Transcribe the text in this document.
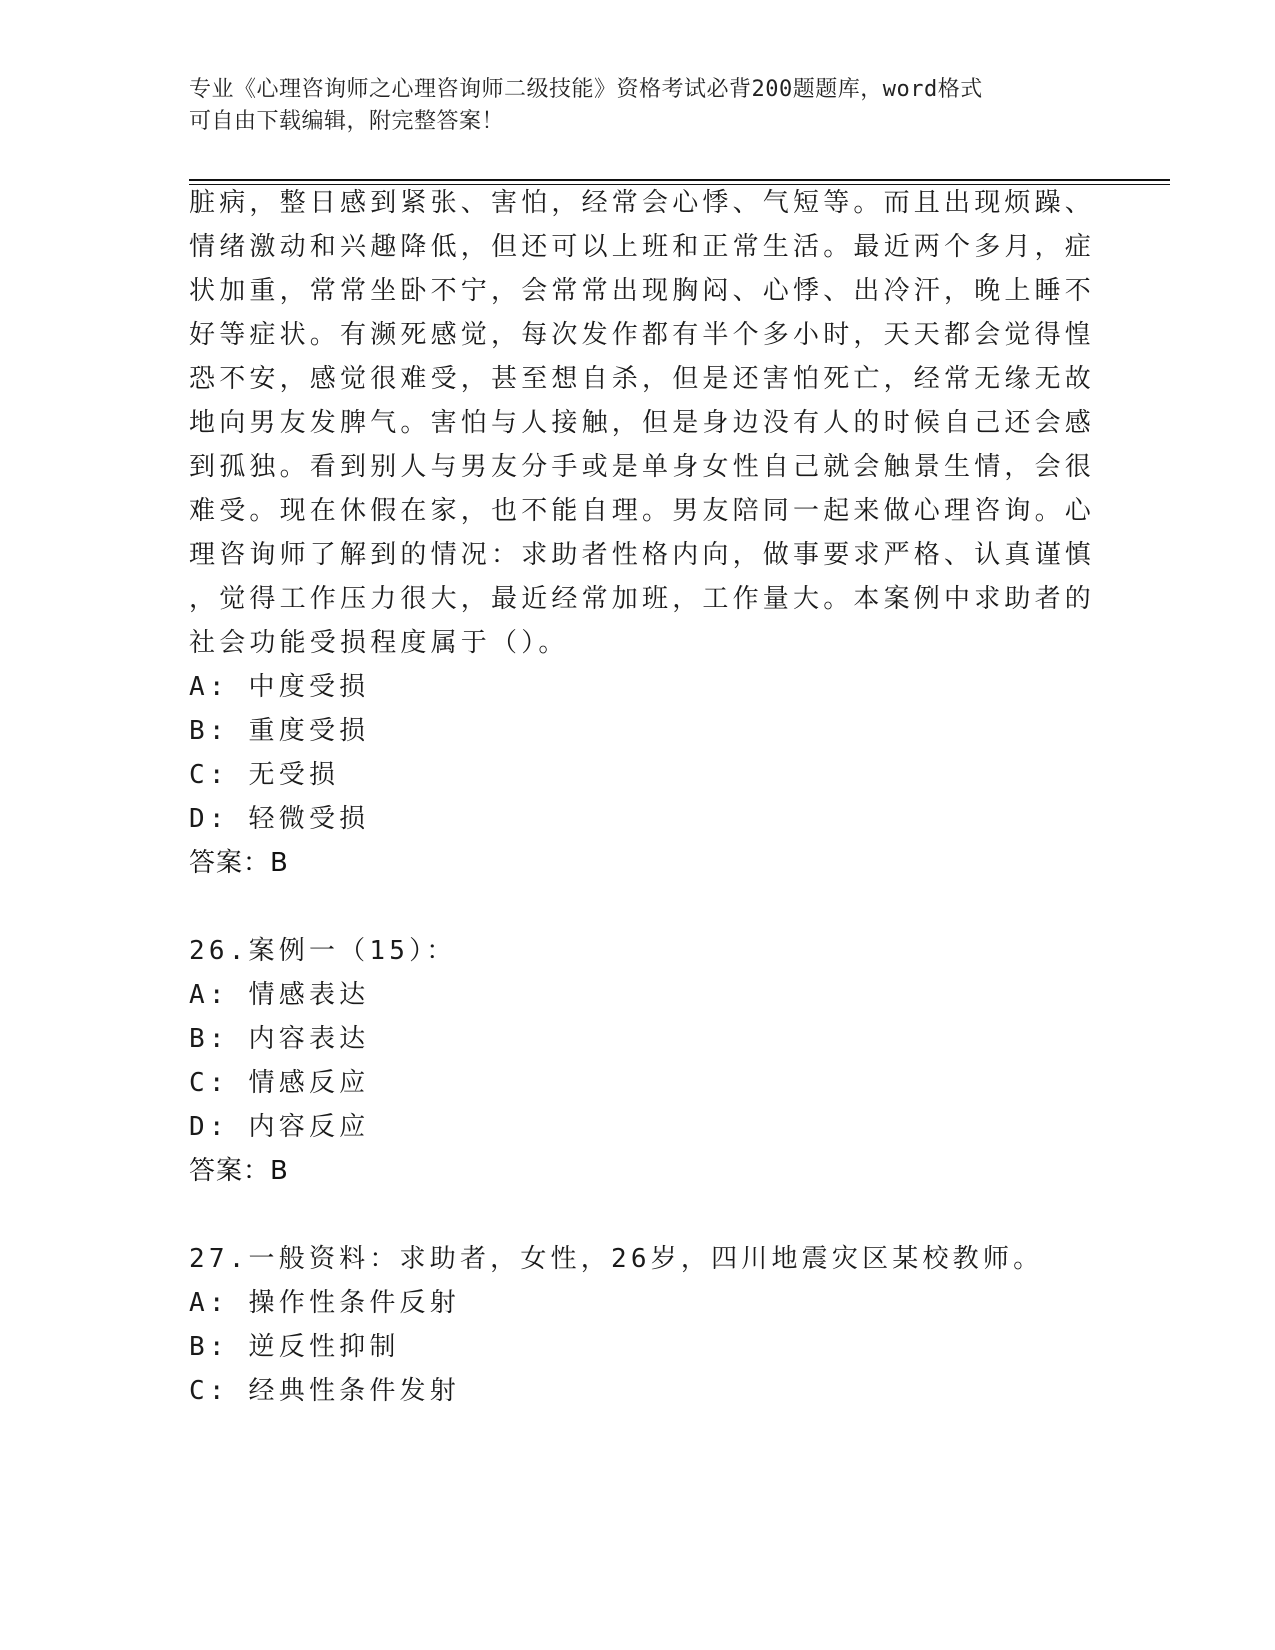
专业《心理咨询师之心理咨询师二级技能》资格考试必背200题题库，word格式
可自由下载编辑，附完整答案！
脏病，整日感到紧张、害怕，经常会心悸、气短等。而且出现烦躁、
情绪激动和兴趣降低，但还可以上班和正常生活。最近两个多月，症
状加重，常常坐卧不宁，会常常出现胸闷、心悸、出冷汗，晚上睡不
好等症状。有濒死感觉，每次发作都有半个多小时，天天都会觉得惶
恐不安，感觉很难受，甚至想自杀，但是还害怕死亡，经常无缘无故
地向男友发脾气。害怕与人接触，但是身边没有人的时候自己还会感
到孤独。看到别人与男友分手或是单身女性自己就会触景生情，会很
难受。现在休假在家，也不能自理。男友陪同一起来做心理咨询。心
理咨询师了解到的情况：求助者性格内向，做事要求严格、认真谨慎
，觉得工作压力很大，最近经常加班，工作量大。本案例中求助者的
社会功能受损程度属于（）。
A: 中度受损
B: 重度受损
C: 无受损
D: 轻微受损
答案：B
26.案例一（15）：
A: 情感表达
B: 内容表达
C: 情感反应
D: 内容反应
答案：B
27.一般资料：求助者，女性，26岁，四川地震灾区某校教师。
A: 操作性条件反射
B: 逆反性抑制
C: 经典性条件发射
